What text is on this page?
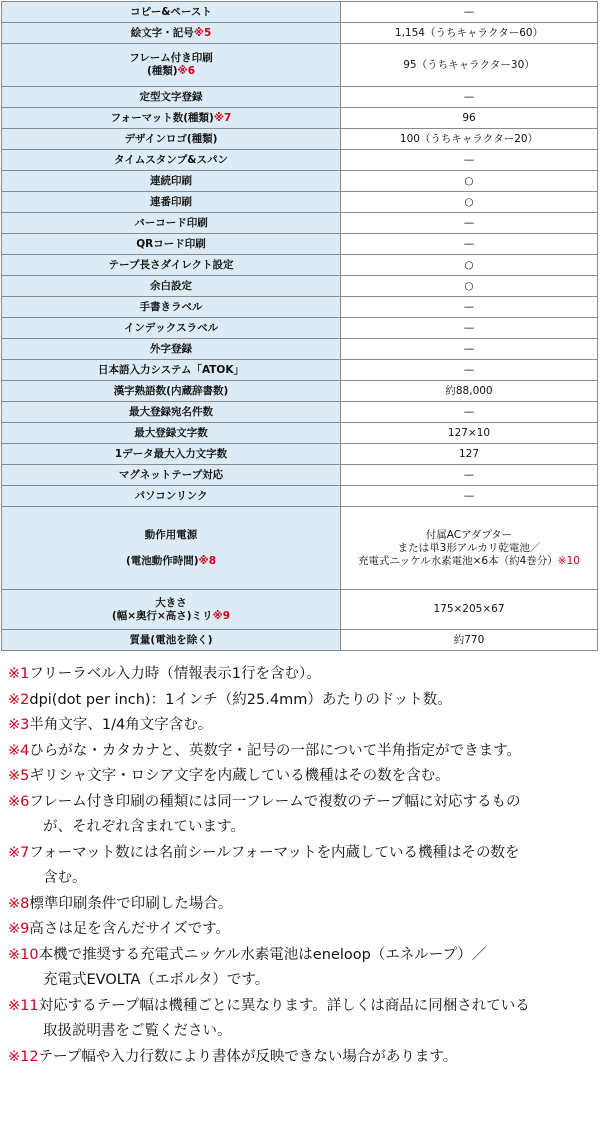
コピー&ペースト	—
絵文字・記号※5	1,154（うちキャラクター60）
フレーム付き印刷
(種類)※6	95（うちキャラクター30）
定型文字登録	—
フォーマット数(種類)※7	96
デザインロゴ(種類)	100（うちキャラクター20）
タイムスタンプ&スパン	—
連続印刷	○
連番印刷	○
バーコード印刷	—
QRコード印刷	—
テープ長さダイレクト設定	○
余白設定	○
手書きラベル	—
インデックスラベル	—
外字登録	—
日本語入力システム「ATOK」	—
漢字熟語数(内蔵辞書数)	約88,000
最大登録宛名件数	—
最大登録文字数	127×10
1データ最大入力文字数	127
マグネットテープ対応	—
パソコンリンク	—
動作用電源

(電池動作時間)※8	付属ACアダプター
または単3形アルカリ乾電池／
充電式ニッケル水素電池×6本（約4巻分）※10
大きさ
(幅×奥行×高さ)ミリ※9	175×205×67
質量(電池を除く)	約770

※1フリーラベル入力時（情報表示1行を含む）。

※2dpi(dot per inch)：1インチ（約25.4mm）あたりのドット数。

※3半角文字、1/4角文字含む。

※4ひらがな・カタカナと、英数字・記号の一部について半角指定ができます。

※5ギリシャ文字・ロシア文字を内蔵している機種はその数を含む。

※6フレーム付き印刷の種類には同一フレームで複数のテープ幅に対応するもの
が、それぞれ含まれています。

※7フォーマット数には名前シールフォーマットを内蔵している機種はその数を
含む。

※8標準印刷条件で印刷した場合。

※9高さは足を含んだサイズです。

※10本機で推奨する充電式ニッケル水素電池はeneloop（エネループ）／
充電式EVOLTA（エボルタ）です。

※11対応するテープ幅は機種ごとに異なります。詳しくは商品に同梱されている
取扱説明書をご覧ください。

※12テープ幅や入力行数により書体が反映できない場合があります。
